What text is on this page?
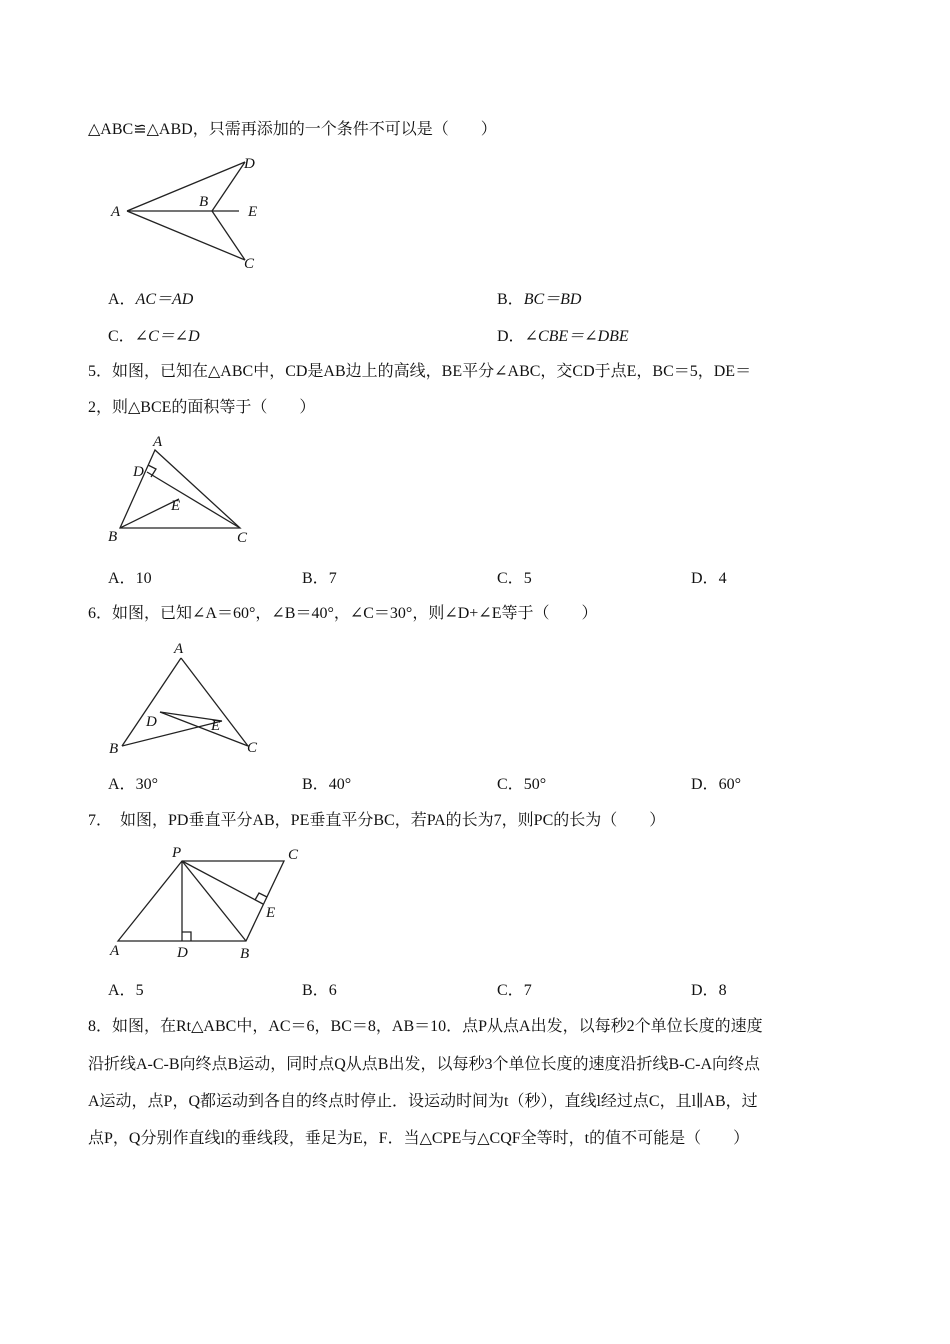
△ABC≌△ABD，只需再添加的一个条件不可以是（　　）
A
B
E
D
C
A．AC＝AD	B．BC＝BD
C．∠C＝∠D	D．∠CBE＝∠DBE
5．如图，已知在△ABC中，CD是AB边上的高线，BE平分∠ABC，交CD于点E，BC＝5，DE＝
2，则△BCE的面积等于（　　）
A
D
E
B	C
A．10	B．7	C．5	D．4
6．如图，已知∠A＝60°，∠B＝40°，∠C＝30°，则∠D+∠E等于（　　）
A
D	E
B	C
A．30°	B．40°	C．50°	D．60°
7．　如图，PD垂直平分AB，PE垂直平分BC，若PA的长为7，则PC的长为（　　）
P	C
E
A	D	B
A．5	B．6	C．7	D．8
8．如图，在Rt△ABC中，AC＝6，BC＝8，AB＝10．点P从点A出发，以每秒2个单位长度的速度
沿折线A-C-B向终点B运动，同时点Q从点B出发，以每秒3个单位长度的速度沿折线B-C-A向终点
A运动，点P，Q都运动到各自的终点时停止．设运动时间为t（秒），直线l经过点C，且l∥AB，过
点P，Q分别作直线l的垂线段，垂足为E，F．当△CPE与△CQF全等时，t的值不可能是（　　）
